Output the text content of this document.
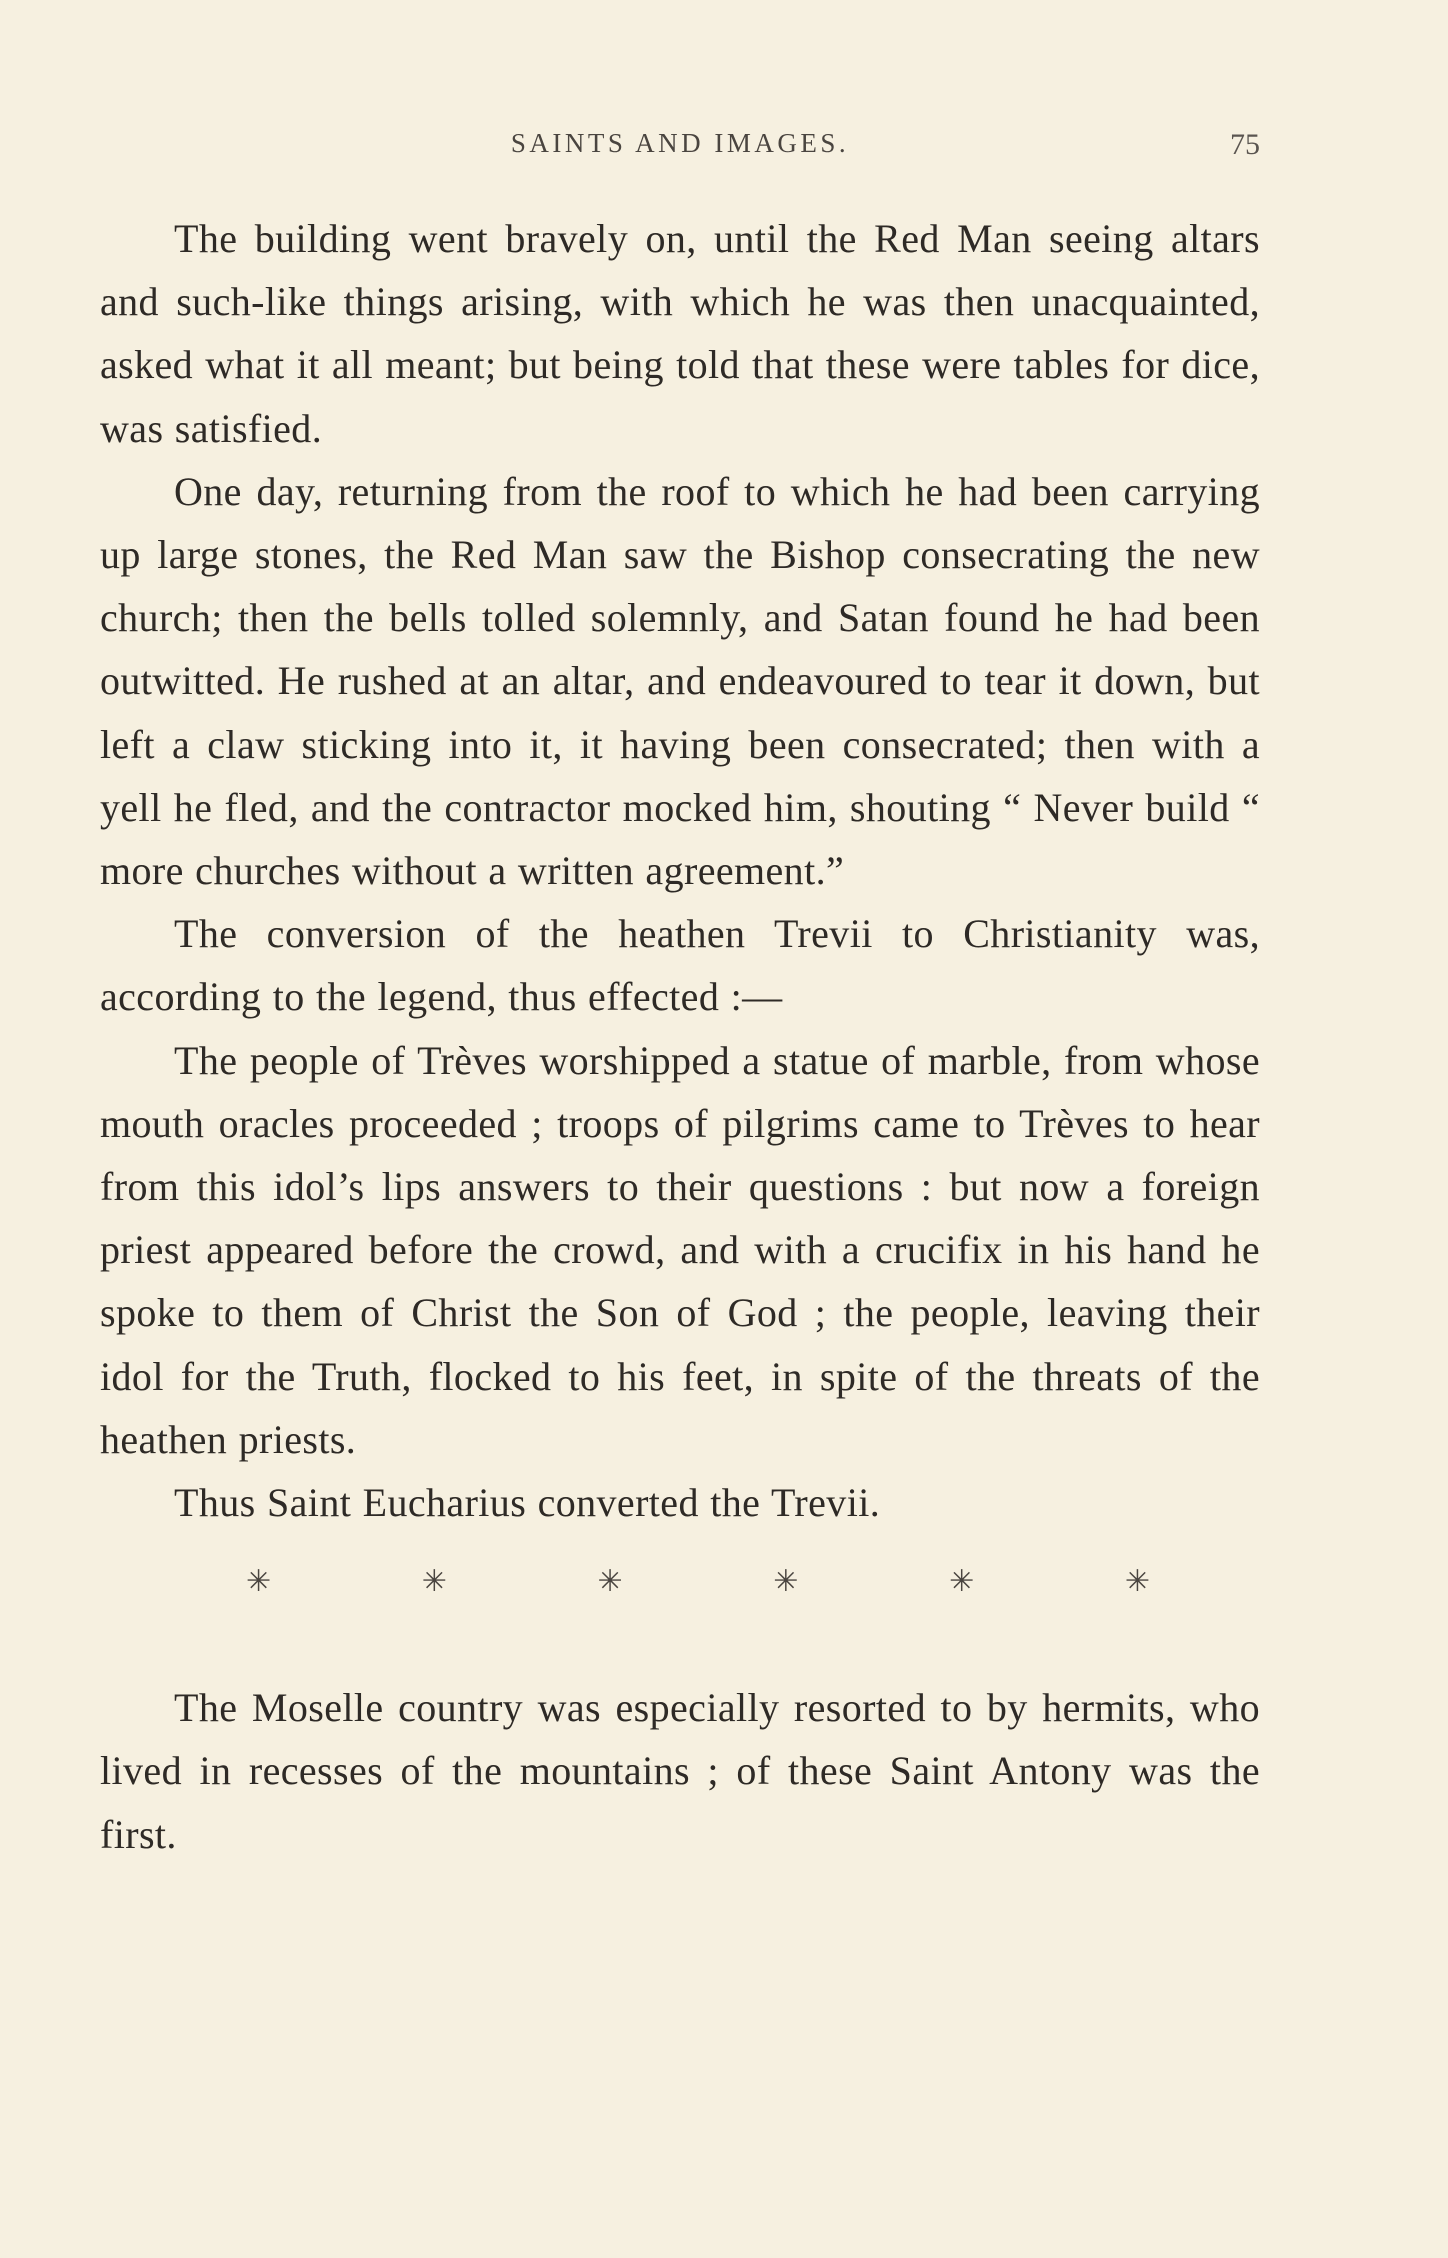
SAINTS AND IMAGES.	75

The building went bravely on, until the Red Man seeing altars and such-like things arising, with which he was then unacquainted, asked what it all meant; but being told that these were tables for dice, was satisfied.

One day, returning from the roof to which he had been carrying up large stones, the Red Man saw the Bishop consecrating the new church; then the bells tolled solemnly, and Satan found he had been outwitted. He rushed at an altar, and endeavoured to tear it down, but left a claw sticking into it, it having been consecrated; then with a yell he fled, and the contractor mocked him, shouting “ Never build “ more churches without a written agreement.”

The conversion of the heathen Trevii to Christianity was, according to the legend, thus effected :—

The people of Trèves worshipped a statue of marble, from whose mouth oracles proceeded ; troops of pilgrims came to Trèves to hear from this idol’s lips answers to their questions : but now a foreign priest appeared before the crowd, and with a crucifix in his hand he spoke to them of Christ the Son of God ; the people, leaving their idol for the Truth, flocked to his feet, in spite of the threats of the heathen priests.

Thus Saint Eucharius converted the Trevii.

✳	✳	✳	✳	✳	✳

The Moselle country was especially resorted to by hermits, who lived in recesses of the mountains ; of these Saint Antony was the first.
